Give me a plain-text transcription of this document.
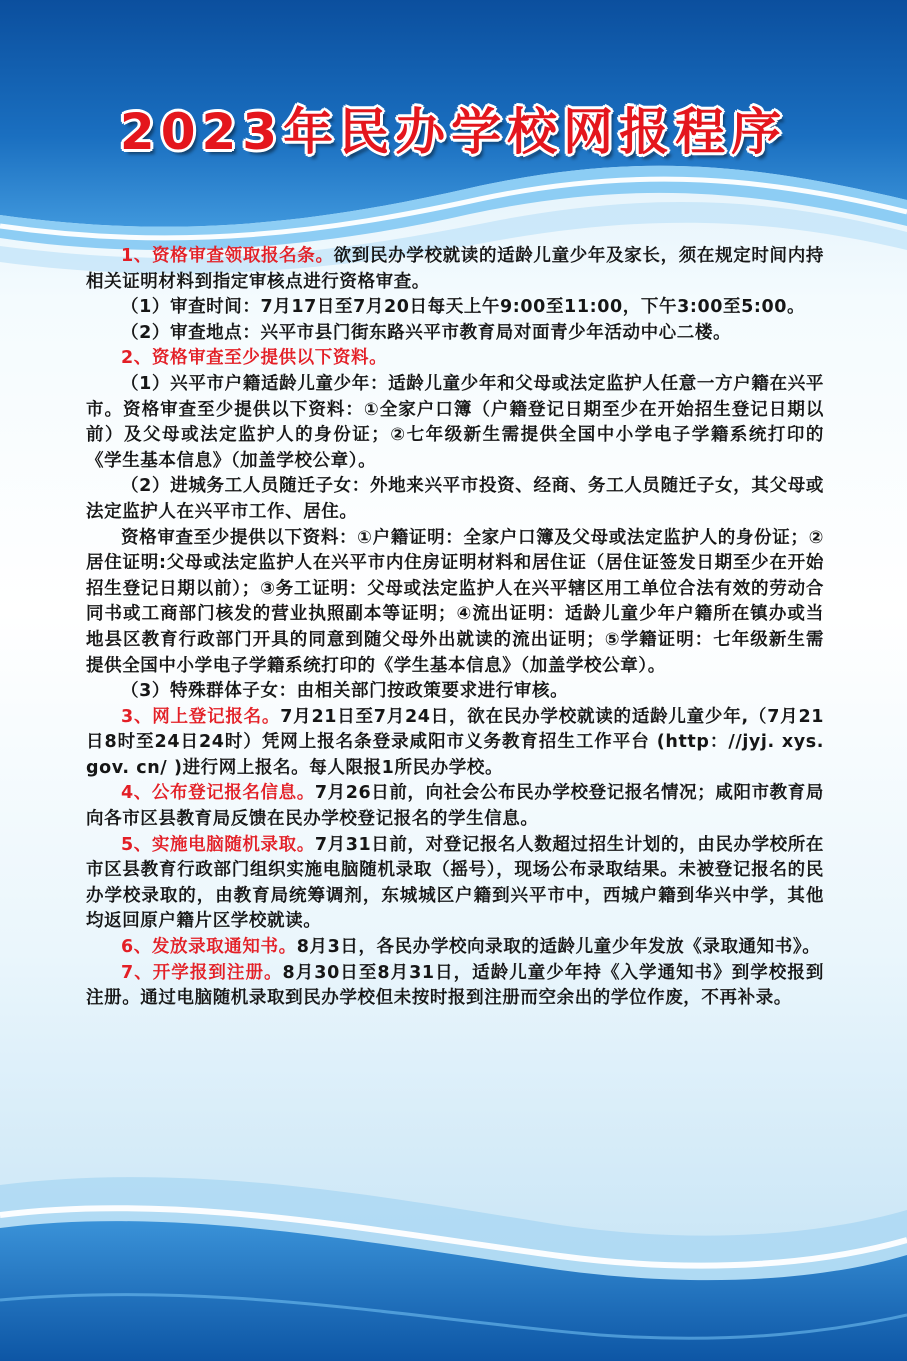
2023年民办学校网报程序

1、资格审查领取报名条。欲到民办学校就读的适龄儿童少年及家长，须在规定时间内持相关证明材料到指定审核点进行资格审查。

（1）审查时间：7月17日至7月20日每天上午9:00至11:00，下午3:00至5:00。

（2）审查地点：兴平市县门街东路兴平市教育局对面青少年活动中心二楼。

2、资格审查至少提供以下资料。

（1）兴平市户籍适龄儿童少年：适龄儿童少年和父母或法定监护人任意一方户籍在兴平市。资格审查至少提供以下资料：①全家户口簿（户籍登记日期至少在开始招生登记日期以前）及父母或法定监护人的身份证；②七年级新生需提供全国中小学电子学籍系统打印的《学生基本信息》（加盖学校公章）。

（2）进城务工人员随迁子女：外地来兴平市投资、经商、务工人员随迁子女，其父母或法定监护人在兴平市工作、居住。

资格审查至少提供以下资料：①户籍证明：全家户口簿及父母或法定监护人的身份证；②居住证明:父母或法定监护人在兴平市内住房证明材料和居住证（居住证签发日期至少在开始招生登记日期以前）；③务工证明：父母或法定监护人在兴平辖区用工单位合法有效的劳动合同书或工商部门核发的营业执照副本等证明；④流出证明：适龄儿童少年户籍所在镇办或当地县区教育行政部门开具的同意到随父母外出就读的流出证明；⑤学籍证明：七年级新生需提供全国中小学电子学籍系统打印的《学生基本信息》（加盖学校公章）。

（3）特殊群体子女：由相关部门按政策要求进行审核。

3、网上登记报名。7月21日至7月24日，欲在民办学校就读的适龄儿童少年,（7月21日8时至24日24时）凭网上报名条登录咸阳市义务教育招生工作平台 (http：//jyj. xys. gov. cn/ )进行网上报名。每人限报1所民办学校。

4、公布登记报名信息。7月26日前，向社会公布民办学校登记报名情况；咸阳市教育局向各市区县教育局反馈在民办学校登记报名的学生信息。

5、实施电脑随机录取。7月31日前，对登记报名人数超过招生计划的，由民办学校所在市区县教育行政部门组织实施电脑随机录取（摇号），现场公布录取结果。未被登记报名的民办学校录取的，由教育局统筹调剂，东城城区户籍到兴平市中，西城户籍到华兴中学，其他均返回原户籍片区学校就读。

6、发放录取通知书。8月3日，各民办学校向录取的适龄儿童少年发放《录取通知书》。

7、开学报到注册。8月30日至8月31日，适龄儿童少年持《入学通知书》到学校报到注册。通过电脑随机录取到民办学校但未按时报到注册而空余出的学位作废，不再补录。
